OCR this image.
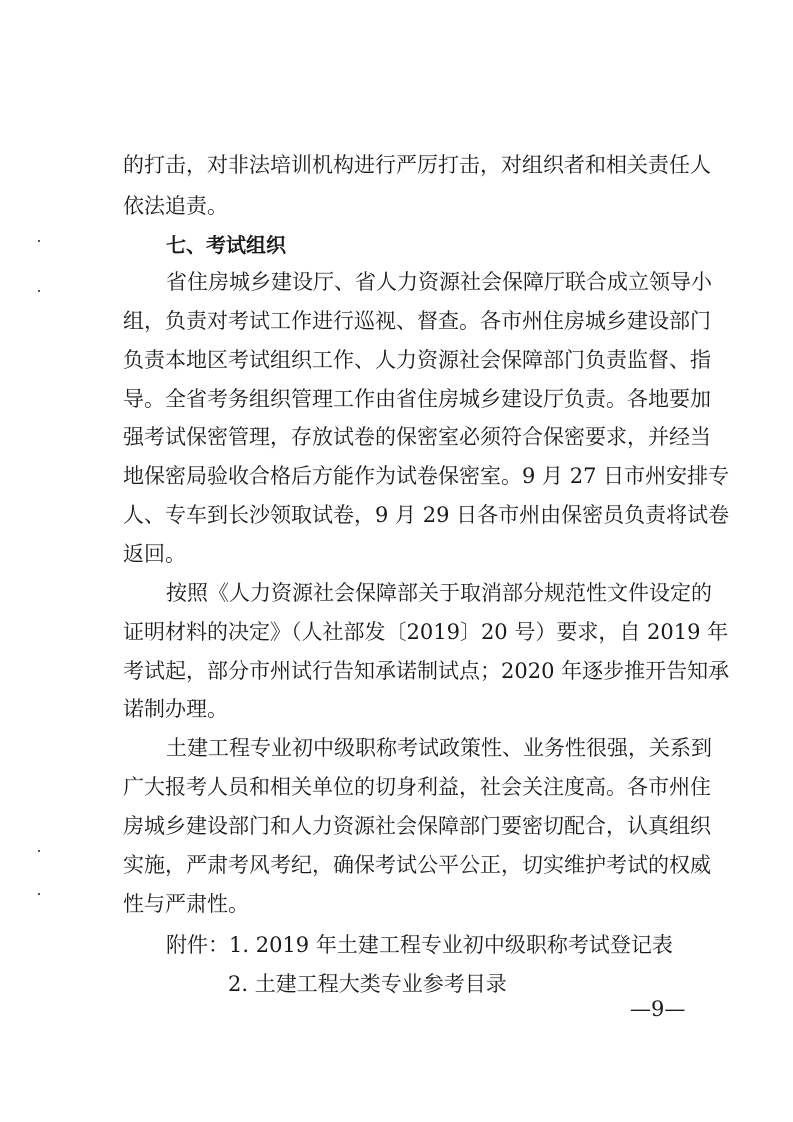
的打击，对非法培训机构进行严厉打击，对组织者和相关责任人

依法追责。

七、考试组织

省住房城乡建设厅、省人力资源社会保障厅联合成立领导小

组，负责对考试工作进行巡视、督查。各市州住房城乡建设部门

负责本地区考试组织工作、人力资源社会保障部门负责监督、指

导。全省考务组织管理工作由省住房城乡建设厅负责。各地要加

强考试保密管理，存放试卷的保密室必须符合保密要求，并经当

地保密局验收合格后方能作为试卷保密室。9 月 27 日市州安排专

人、专车到长沙领取试卷，9 月 29 日各市州由保密员负责将试卷

返回。

按照《人力资源社会保障部关于取消部分规范性文件设定的

证明材料的决定》（人社部发〔2019〕20 号）要求，自 2019 年

考试起，部分市州试行告知承诺制试点；2020 年逐步推开告知承

诺制办理。

土建工程专业初中级职称考试政策性、业务性很强，关系到

广大报考人员和相关单位的切身利益，社会关注度高。各市州住

房城乡建设部门和人力资源社会保障部门要密切配合，认真组织

实施，严肃考风考纪，确保考试公平公正，切实维护考试的权威

性与严肃性。

附件：1. 2019 年土建工程专业初中级职称考试登记表

2. 土建工程大类专业参考目录

—9—
